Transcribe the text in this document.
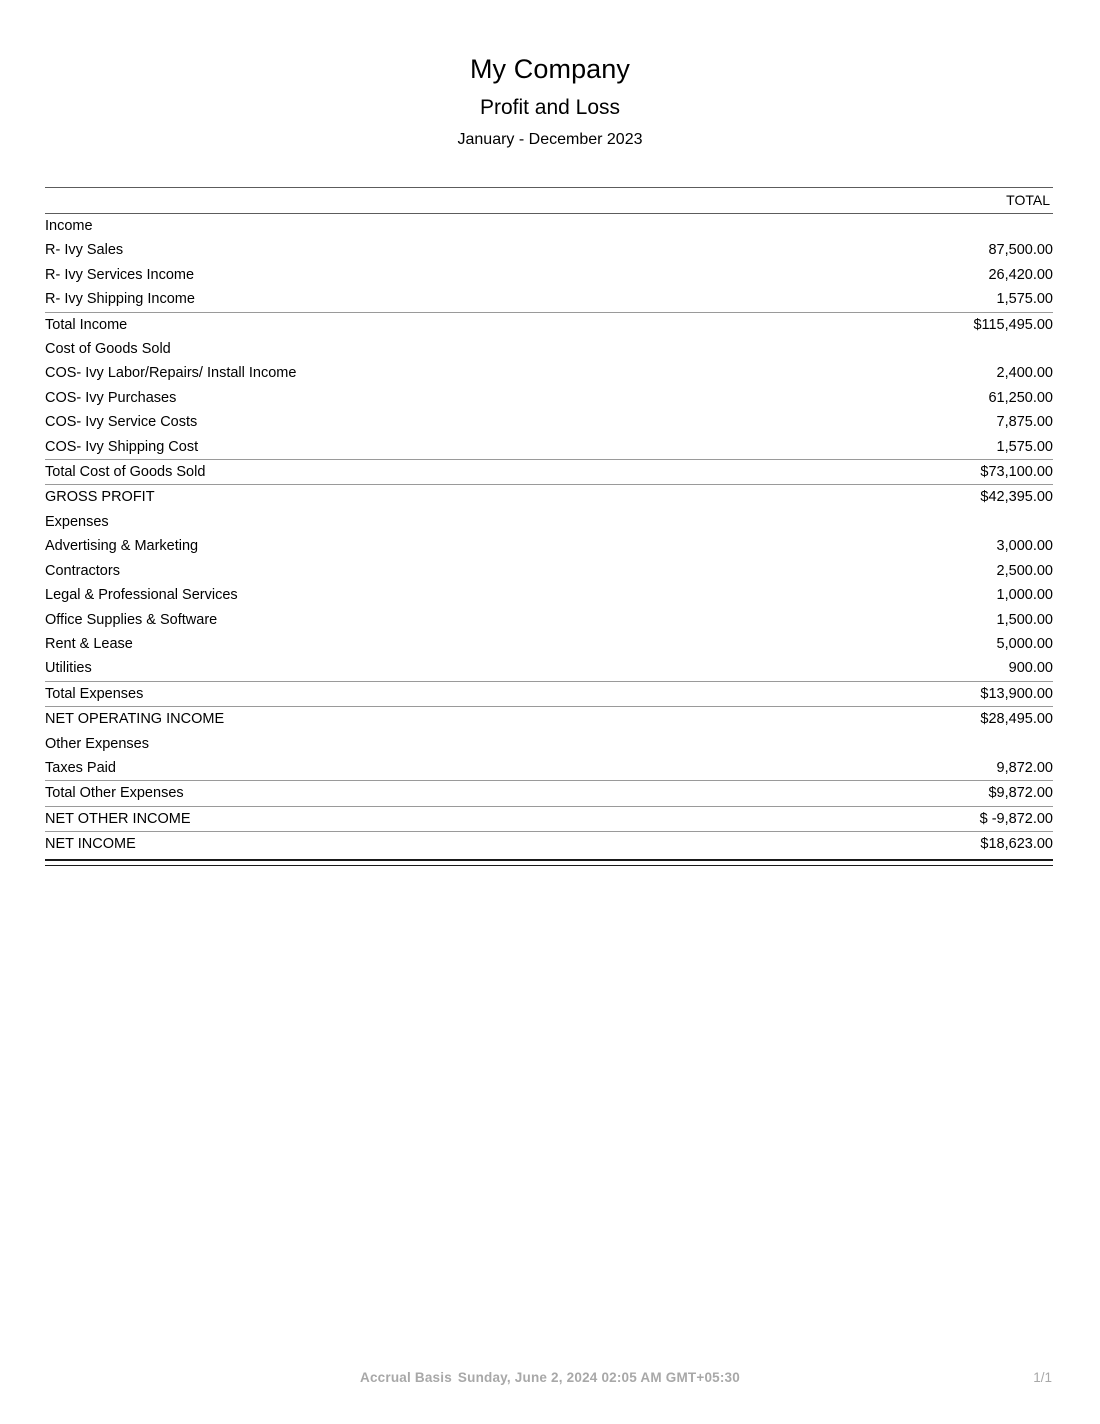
My Company
Profit and Loss
January - December 2023
	TOTAL
Income	
R- Ivy Sales	87,500.00
R- Ivy Services Income	26,420.00
R- Ivy Shipping Income	1,575.00
Total Income	$115,495.00
Cost of Goods Sold	
COS- Ivy Labor/Repairs/ Install Income	2,400.00
COS- Ivy Purchases	61,250.00
COS- Ivy Service Costs	7,875.00
COS- Ivy Shipping Cost	1,575.00
Total Cost of Goods Sold	$73,100.00
GROSS PROFIT	$42,395.00
Expenses	
Advertising & Marketing	3,000.00
Contractors	2,500.00
Legal & Professional Services	1,000.00
Office Supplies & Software	1,500.00
Rent & Lease	5,000.00
Utilities	900.00
Total Expenses	$13,900.00
NET OPERATING INCOME	$28,495.00
Other Expenses	
Taxes Paid	9,872.00
Total Other Expenses	$9,872.00
NET OTHER INCOME	$ -9,872.00
NET INCOME	$18,623.00

Accrual Basis Sunday, June 2, 2024 02:05 AM GMT+05:30	1/1
